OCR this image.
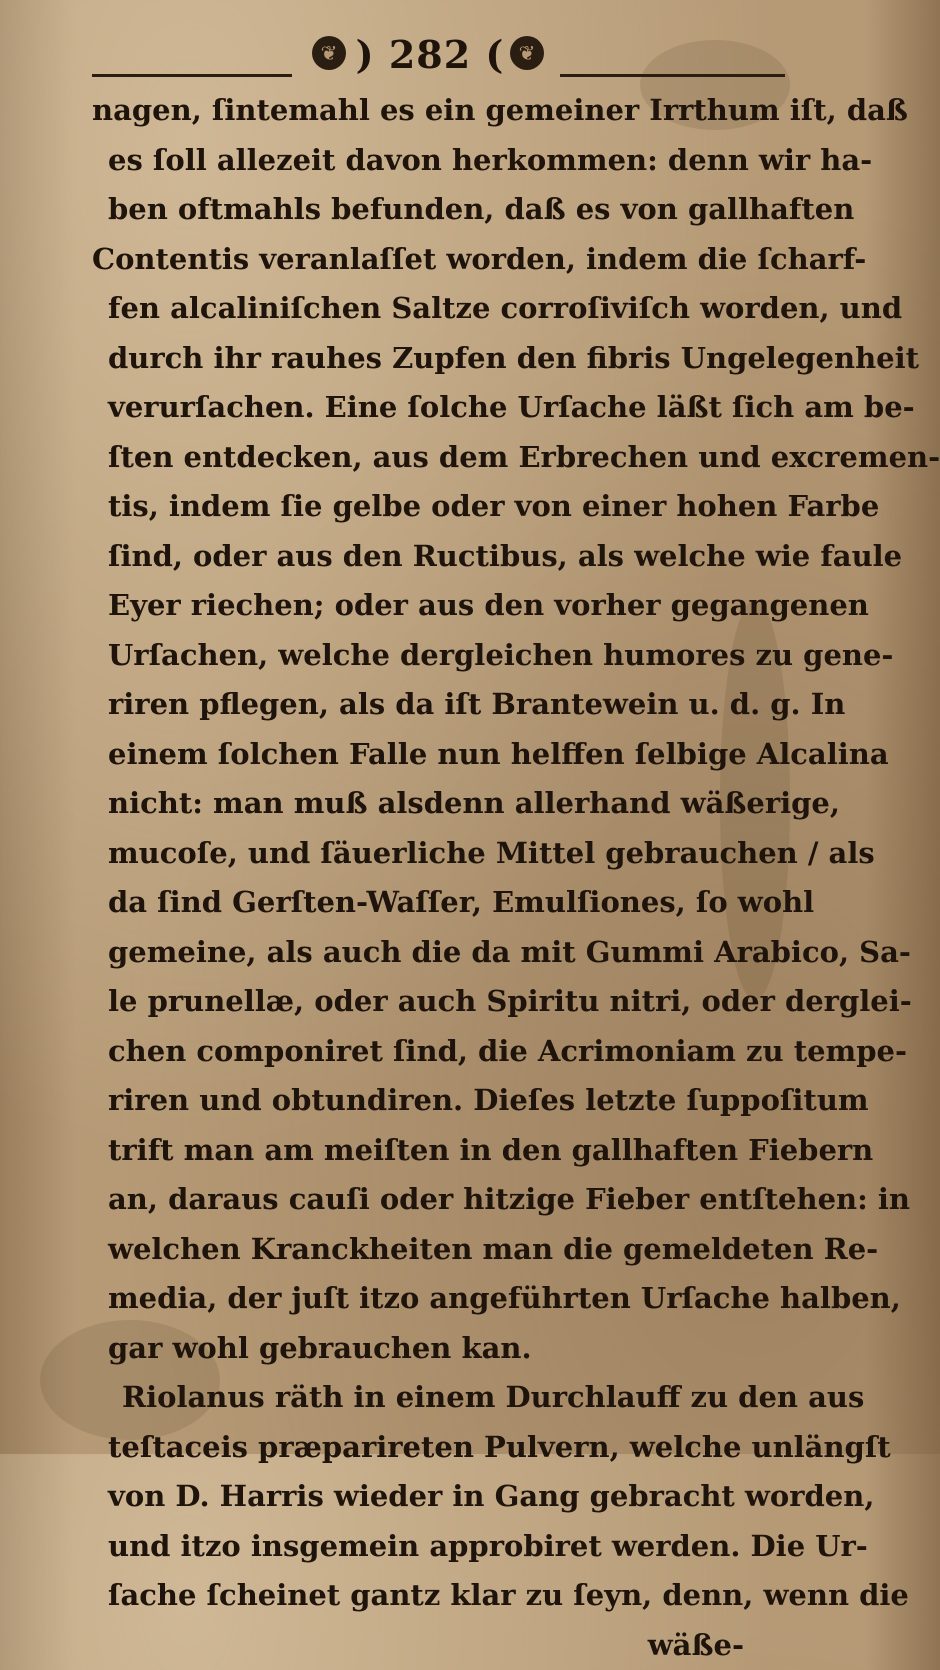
❦ ) 282 ( ❦
nagen, ſintemahl es ein gemeiner Irrthum iſt, daß
es ſoll allezeit davon herkommen: denn wir ha-
ben oftmahls befunden, daß es von gallhaften
Contentis veranlaſſet worden, indem die ſcharf-
fen alcaliniſchen Saltze corroſiviſch worden, und
durch ihr rauhes Zupfen den fibris Ungelegenheit
verurſachen. Eine ſolche Urſache läßt ſich am be-
ſten entdecken, aus dem Erbrechen und excremen-
tis, indem ſie gelbe oder von einer hohen Farbe
ſind, oder aus den Ructibus, als welche wie faule
Eyer riechen; oder aus den vorher gegangenen
Urſachen, welche dergleichen humores zu gene-
riren pflegen, als da iſt Brantewein u. d. g. In
einem ſolchen Falle nun helffen ſelbige Alcalina
nicht: man muß alsdenn allerhand wäßerige,
mucoſe, und ſäuerliche Mittel gebrauchen / als
da ſind Gerſten-Waſſer, Emulſiones, ſo wohl
gemeine, als auch die da mit Gummi Arabico, Sa-
le prunellæ, oder auch Spiritu nitri, oder derglei-
chen componiret ſind, die Acrimoniam zu tempe-
riren und obtundiren. Dieſes letzte ſuppoſitum
trift man am meiſten in den gallhaften Fiebern
an, daraus cauſi oder hitzige Fieber entſtehen: in
welchen Kranckheiten man die gemeldeten Re-
media, der juſt itzo angeführten Urſache halben,
gar wohl gebrauchen kan.
Riolanus räth in einem Durchlauff zu den aus
teſtaceis præparireten Pulvern, welche unlängſt
von D. Harris wieder in Gang gebracht worden,
und itzo insgemein approbiret werden. Die Ur-
ſache ſcheinet gantz klar zu ſeyn, denn, wenn die
wäße-
